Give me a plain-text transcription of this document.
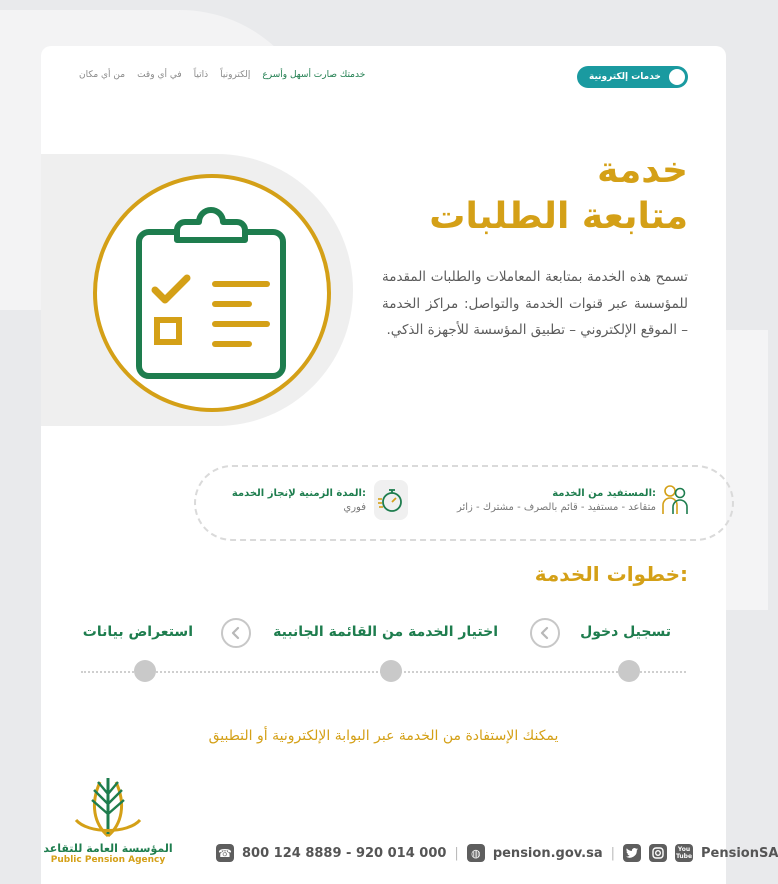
خدمات إلكترونية
خدمتك صارت أسهل وأسرع
إلكترونياً
ذاتياً
في أي وقت
من أي مكان
خدمة
متابعة الطلبات

تسمح هذه الخدمة بمتابعة المعاملات والطلبات المقدمة للمؤسسة عبر قنوات الخدمة والتواصل: مراكز الخدمة – الموقع الإلكتروني – تطبيق المؤسسة للأجهزة الذكي.

المستفيد من الخدمة:
متقاعد - مستفيد - قائم بالصرف - مشترك - زائر
المدة الزمنية لإنجاز الخدمة:
فوري
خطوات الخدمة:
تسجيل دخول
اختيار الخدمة من القائمة الجانبية
استعراض بيانات
يمكنك الإستفادة من الخدمة عبر البوابة الإلكترونية أو التطبيق
المؤسسة العامة للتقاعد
Public Pension Agency
☎ 800 124 8889 - 920 014 000 |	◍ pension.gov.sa |	You
Tube PensionSA
